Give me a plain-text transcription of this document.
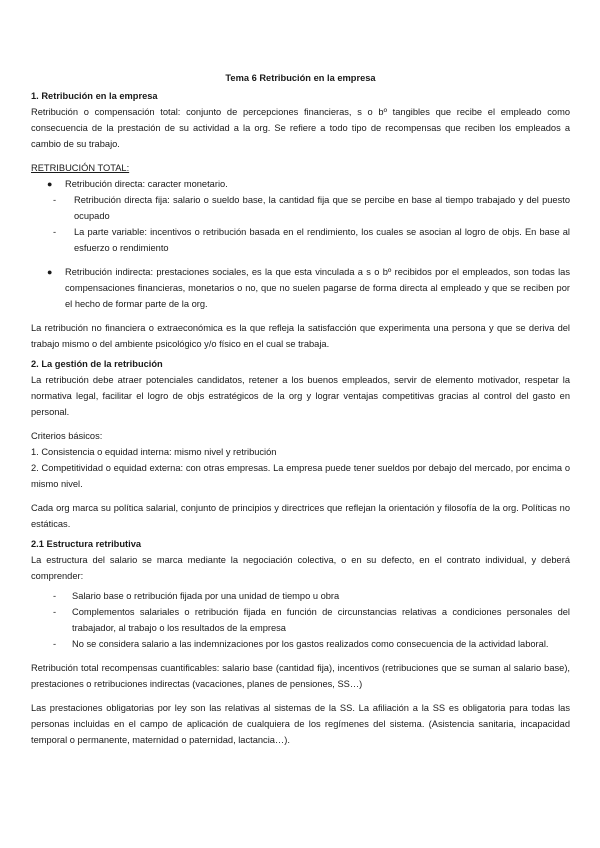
Tema 6 Retribución en la empresa

1. Retribución en la empresa

Retribución o compensación total: conjunto de percepciones financieras, s o bº tangibles que recibe el empleado como consecuencia de la prestación de su actividad a la org. Se refiere a todo tipo de recompensas que reciben los empleados a cambio de su trabajo.

RETRIBUCIÓN TOTAL:

● Retribución directa: caracter monetario.
- Retribución directa fija: salario o sueldo base, la cantidad fija que se percibe en base al tiempo trabajado y del puesto ocupado
- La parte variable: incentivos o retribución basada en el rendimiento, los cuales se asocian al logro de objs. En base al esfuerzo o rendimiento
● Retribución indirecta: prestaciones sociales, es la que esta vinculada a s o bº recibidos por el empleados, son todas las compensaciones financieras, monetarios o no, que no suelen pagarse de forma directa al empleado y que se reciben por el hecho de formar parte de la org.

La retribución no financiera o extraeconómica es la que refleja la satisfacción que experimenta una persona y que se deriva del trabajo mismo o del ambiente psicológico y/o físico en el cual se trabaja.

2. La gestión de la retribución

La retribución debe atraer potenciales candidatos, retener a los buenos empleados, servir de elemento motivador, respetar la normativa legal, facilitar el logro de objs estratégicos de la org y lograr ventajas competitivas gracias al control del gasto en personal.

Criterios básicos:

1. Consistencia o equidad interna: mismo nivel y retribución

2. Competitividad o equidad externa: con otras empresas. La empresa puede tener sueldos por debajo del mercado, por encima o mismo nivel.

Cada org marca su política salarial, conjunto de principios y directrices que reflejan la orientación y filosofía de la org. Políticas no estáticas.

2.1 Estructura retributiva

La estructura del salario se marca mediante la negociación colectiva, o en su defecto, en el contrato individual, y deberá comprender:

- Salario base o retribución fijada por una unidad de tiempo u obra
- Complementos salariales o retribución fijada en función de circunstancias relativas a condiciones personales del trabajador, al trabajo o los resultados de la empresa
- No se considera salario a las indemnizaciones por los gastos realizados como consecuencia de la actividad laboral.

Retribución total recompensas cuantificables: salario base (cantidad fija), incentivos (retribuciones que se suman al salario base), prestaciones o retribuciones indirectas (vacaciones, planes de pensiones, SS…)

Las prestaciones obligatorias por ley son las relativas al sistemas de la SS. La afiliación a la SS es obligatoria para todas las personas incluidas en el campo de aplicación de cualquiera de los regímenes del sistema. (Asistencia sanitaria, incapacidad temporal o permanente, maternidad o paternidad, lactancia…).
